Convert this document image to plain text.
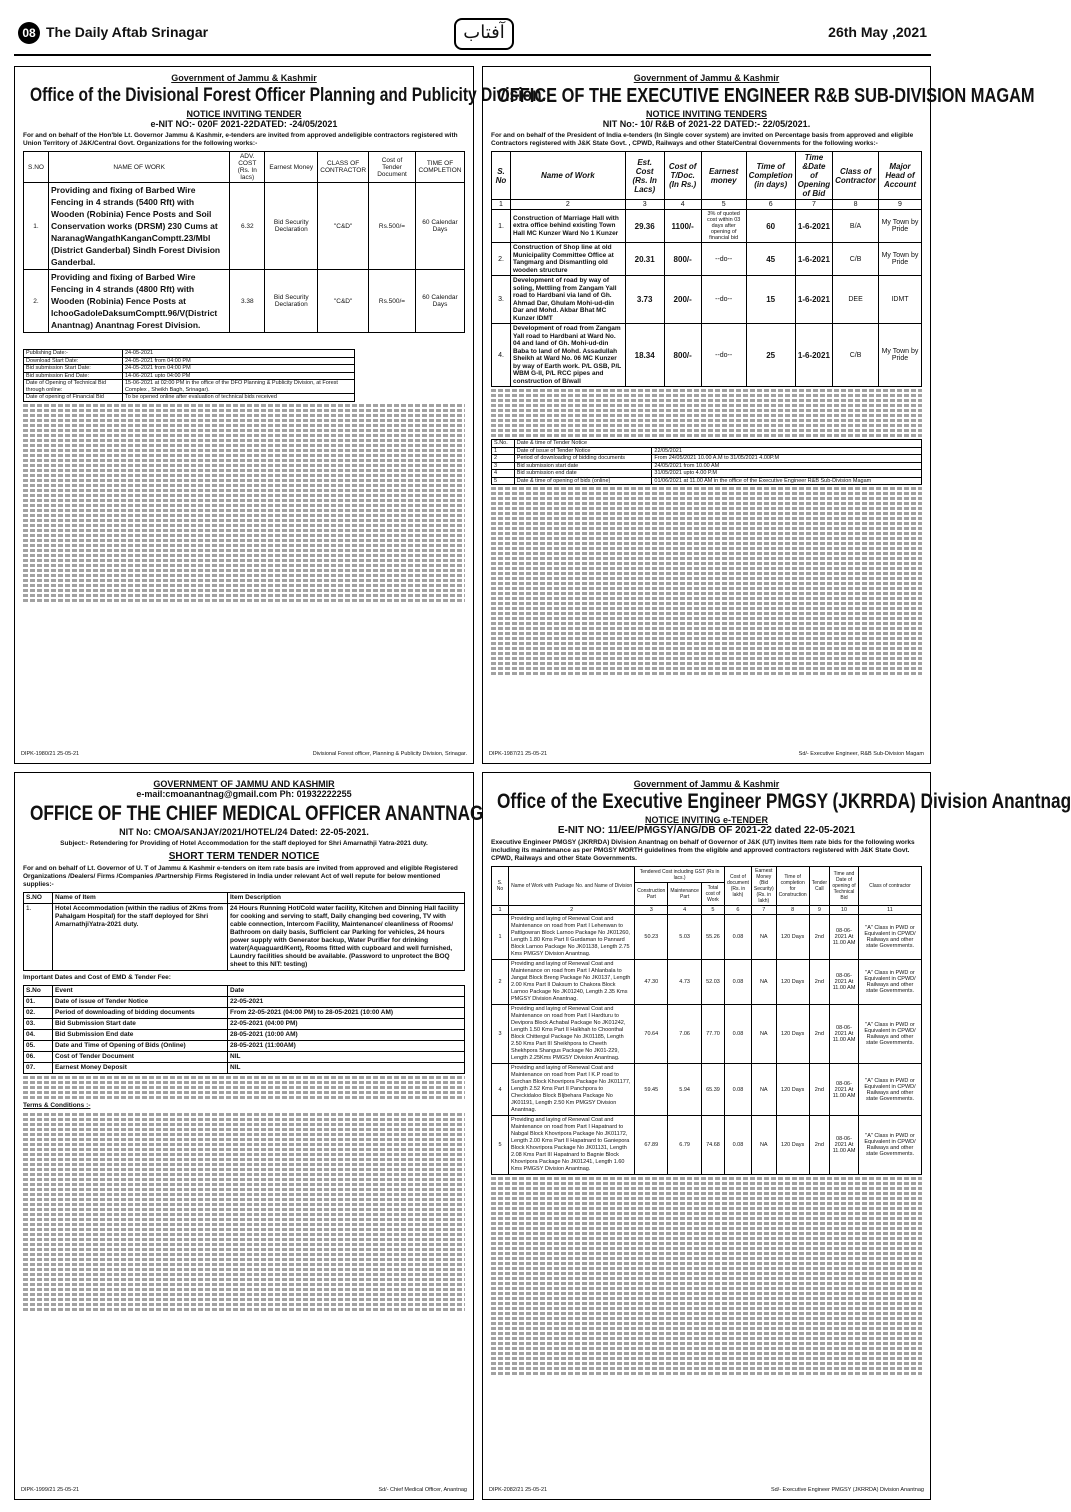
08 The Daily Aftab Srinagar	آفتاب	26th May ,2021
Government of Jammu & Kashmir
Office of the Divisional Forest Officer Planning and Publicity Division.
NOTICE INVITING TENDER
e-NIT NO:- 020F 2021-22DATED: -24/05/2021
For and on behalf of the Hon'ble Lt. Governor Jammu & Kashmir, e-tenders are invited from approved andeligible contractors registered with Union Territory of J&K/Central Govt. Organizations for the following works:-
S.NO	NAME OF WORK	ADV. COST (Rs. In lacs)	Earnest Money	CLASS OF CONTRACTOR	Cost of Tender Document	TIME OF COMPLETION
1.	Providing and fixing of Barbed Wire Fencing in 4 strands (5400 Rft) with Wooden (Robinia) Fence Posts and Soil Conservation works (DRSM) 230 Cums at NaranagWangathKanganComptt.23/Mbl (District Ganderbal) Sindh Forest Division Ganderbal.	6.32	Bid Security Declaration	"C&D"	Rs.500/=	60 Calendar Days
2.	Providing and fixing of Barbed Wire Fencing in 4 strands (4800 Rft) with Wooden (Robinia) Fence Posts at IchooGadoleDaksumComptt.96/V(District Anantnag) Anantnag Forest Division.	3.38	Bid Security Declaration	"C&D"	Rs.500/=	60 Calendar Days
Publishing Date:-	24-05-2021
Download Start Date:	24-05-2021 from 04:00 PM
Bid submission Start Date:	24-05-2021 from 04:00 PM
Bid submission End Date:	14-06-2021 upto 04:00 PM
Date of Opening of Technical Bid through online:	15-06-2021 at 02:00 PM in the office of the DFO Planning & Publicity Division, at Forest Complex , Sheikh Bagh, Srinagar).
Date of opening of Financial Bid	To be opened online after evaluation of technical bids received
DIPK-1980/21 25-05-21	Divisional Forest officer, Planning & Publicity Division, Srinagar.
Government of Jammu & Kashmir
OFFICE OF THE EXECUTIVE ENGINEER R&B SUB-DIVISION MAGAM
NOTICE INVITING TENDERS
NIT No:- 10/ R&B of 2021-22 DATED:- 22/05/2021.
For and on behalf of the President of India e-tenders (In Single cover system) are invited on Percentage basis from approved and eligible Contractors registered with J&K State Govt. , CPWD, Railways and other State/Central Governments for the following works:-
S. No	Name of Work	Est. Cost (Rs. In Lacs)	Cost of T/Doc. (In Rs.)	Earnest money	Time of Completion (in days)	Time &Date of Opening of Bid	Class of Contractor	Major Head of Account
1	2	3	4	5	6	7	8	9
1.	Construction of Marriage Hall with extra office behind existing Town Hall MC Kunzer Ward No 1 Kunzer	29.36	1100/-	3% of quoted cost within 03 days after opening of financial bid	60	1-6-2021	B/A	My Town by Pride
2.	Construction of Shop line at old Municipality Committee Office at Tangmarg and Dismantling old wooden structure	20.31	800/-	--do--	45	1-6-2021	C/B	My Town by Pride
3.	Development of road by way of soling, Mettling from Zangam Yall road to Hardbani via land of Gh. Ahmad Dar, Ghulam Mohi-ud-din Dar and Mohd. Akbar Bhat MC Kunzer IDMT	3.73	200/-	--do--	15	1-6-2021	DEE	IDMT
4.	Development of road from Zangam Yall road to Hardbani at Ward No. 04 and land of Gh. Mohi-ud-din Baba to land of Mohd. Assadullah Sheikh at Ward No. 06 MC Kunzer by way of Earth work. P/L GSB, P/L WBM G-II, P/L RCC pipes and construction of B/wall	18.34	800/-	--do--	25	1-6-2021	C/B	My Town by Pride
S.No.	Date & time of Tender Notice	
1	Date of issue of Tender Notice	22/05/2021
2	Period of downloading of bidding documents	From 24/05/2021 10.00 A.M to 31/05/2021 4.00P.M
3	Bid submission start date	24/05/2021 from 10.00 AM
4	Bid submission end date	31/05/2021 upto 4.00 P.M
5	Date & time of opening of bids (online)	01/06/2021 at 11.00 AM in the office of the Executive Engineer R&B Sub-Division Magam
DIPK-1987/21 25-05-21	Sd/- Executive Engineer, R&B Sub-Division Magam
GOVERNMENT OF JAMMU AND KASHMIR
e-mail:cmoanantnag@gmail.com Ph: 01932222255
OFFICE OF THE CHIEF MEDICAL OFFICER ANANTNAG
NIT No: CMOA/SANJAY/2021/HOTEL/24 Dated: 22-05-2021.
Subject:- Retendering for Providing of Hotel Accommodation for the staff deployed for Shri Amarnathji Yatra-2021 duty.
SHORT TERM TENDER NOTICE
For and on behalf of Lt. Governor of U. T of Jammu & Kashmir e-tenders on item rate basis are invited from approved and eligible Registered Organizations /Dealers/ Firms /Companies /Partnership Firms Registered in India under relevant Act of well repute for below mentioned supplies:-
S.NO	Name of Item	Item Description
1.	Hotel Accommodation (within the radius of 2Kms from Pahalgam Hospital) for the staff deployed for Shri AmarnathjiYatra-2021 duty.	24 Hours Running Hot/Cold water facility, Kitchen and Dinning Hall facility for cooking and serving to staff, Daily changing bed covering, TV with cable connection, Intercom Facility, Maintenance/ cleanliness of Rooms/ Bathroom on daily basis, Sufficient car Parking for vehicles, 24 hours power supply with Generator backup, Water Purifier for drinking water(Aquaguard/Kent), Rooms fitted with cupboard and well furnished, Laundry facilities should be available. (Password to unprotect the BOQ sheet to this NIT: testing)
Important Dates and Cost of EMD & Tender Fee:
S.No	Event	Date
01.	Date of issue of Tender Notice	22-05-2021
02.	Period of downloading of bidding documents	From 22-05-2021 (04:00 PM) to 28-05-2021 (10:00 AM)
03.	Bid Submission Start date	22-05-2021 (04:00 PM)
04.	Bid Submission End date	28-05-2021 (10:00 AM)
05.	Date and Time of Opening of Bids (Online)	28-05-2021 (11:00AM)
06.	Cost of Tender Document	NIL
07.	Earnest Money Deposit	NIL
Terms & Conditions :-
DIPK-1999/21 25-05-21	Sd/- Chief Medical Officer, Anantnag
Government of Jammu & Kashmir
Office of the Executive Engineer PMGSY (JKRRDA) Division Anantnag
NOTICE INVITING e-TENDER
E-NIT NO: 11/EE/PMGSY/ANG/DB OF 2021-22 dated 22-05-2021
Executive Engineer PMGSY (JKRRDA) Division Anantnag on behalf of Governor of J&K (UT) invites Item rate bids for the following works including its maintenance as per PMGSY MORTH guidelines from the eligible and approved contractors registered with J&K State Govt. CPWD, Railways and other State Governments.
S. No	Name of Work with Package No. and Name of Division	Tendered Cost including GST (Rs in lacs.)			Cost of document (Rs. in lakh)	Earnest Money (Bid Security) (Rs. in lakh)	Time of completion for Construction	Tender Call	Time and Date of opening of Technical Bid	Class of contractor
		Construction Part	Maintenance Part	Total cost of Work						
1	2	3	4	5	6	7	8	9	10	11
1	Providing and laying of Renewal Coat and Maintenance on road from Part I Lehenwan to Pattigowran Block Larnoo Package No JK01260, Length 1.80 Kms Part II Gurdaman to Pannard Block Larnoo Package No JK01138, Length 2.75 Kms PMGSY Division Anantnag.	50.23	5.03	55.26	0.08	NA	120 Days	2nd	08-06-2021 At 11.00 AM	"A" Class in PWD or Equivalent in CPWD/ Railways and other state Governments.
2	Providing and laying of Renewal Coat and Maintenance on road from Part I Ahlanbala to Jangat Block Breng Package No JK0137, Length 2.00 Kms Part II Daksum to Chakora Block Larnoo Package No JK01240, Length 2.35 Kms PMGSY Division Anantnag.	47.30	4.73	52.03	0.08	NA	120 Days	2nd	08-06-2021 At 11.00 AM	"A" Class in PWD or Equivalent in CPWD/ Railways and other state Governments.
3	Providing and laying of Renewal Coat and Maintenance on road from Part I Hardturu to Devipora Block Achabal Package No JK01242, Length 1.50 Kms Part II Halkhah to Choonthal Block Chittergul Package No JK01185, Length 2.50 Kms Part III Sheikhpora to Cheeth Shekhpora Shangus Package No JK01-229, Length 2.25Kms PMGSY Division Anantnag.	70.64	7.06	77.70	0.08	NA	120 Days	2nd	08-06-2021 At 11.00 AM	"A" Class in PWD or Equivalent in CPWD/ Railways and other state Governments.
4	Providing and laying of Renewal Coat and Maintenance on road from Part I K.P road to Surchan Block Khovripora Package No JK01177, Length 2.52 Kms Part II Panchpora to Checkidaloo Block BIjbehara Package No JK01191, Length 2.50 Km PMGSY Division Anantnag.	59.45	5.94	65.39	0.08	NA	120 Days	2nd	08-06-2021 At 11.00 AM	"A" Class in PWD or Equivalent in CPWD/ Railways and other state Governments.
5	Providing and laying of Renewal Coat and Maintenance on road from Part I Hapatnard to Nabgal Block Khovripora Package No JK01172, Length 2.00 Kms Part II Hapatnard to Ganiepora Block Khovripora Package No JK01131, Length 2.08 Kms Part III Hapatnard to Bagnie Block Khovripora Package No JK01241, Length 1.60 Kms PMGSY Division Anantnag.	67.89	6.79	74.68	0.08	NA	120 Days	2nd	08-06-2021 At 11.00 AM	"A" Class in PWD or Equivalent in CPWD/ Railways and other state Governments.
DIPK-2082/21 25-05-21	Sd/- Executive Engineer PMGSY (JKRRDA) Division Anantnag
